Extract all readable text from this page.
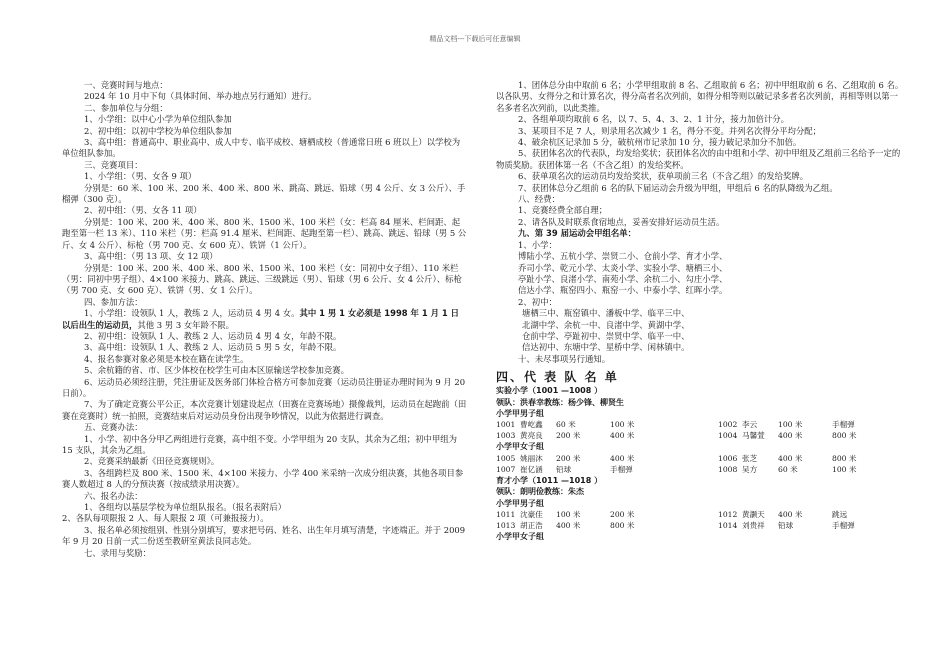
精品文档---下载后可任意编辑
一、竞赛时间与地点：
2024 年 10 月中下旬（具体时间、举办地点另行通知）进行。
二、参加单位与分组：
1、小学组：以中心小学为单位组队参加
2、初中组：以初中学校为单位组队参加
3、高中组：普通高中、职业高中、成人中专、临平成校、塘栖成校（普通常日班 6 班以上）以学校为单位组队参加。
三、竞赛项目：
1、小学组：（男、女各 9 项）
分别是：60 米、100 米、200 米、400 米、800 米、跳高、跳远、铅球（男 4 公斤、女 3 公斤）、手榴弹（300 克）。
2、初中组：（男、女各 11 项）
分别是：100 米、200 米、400 米、800 米、1500 米、100 米栏（女：栏高 84 厘米、栏间距、起跑至第一栏 13 米）、110 米栏（男：栏高 91.4 厘米、栏间距、起跑至第一栏）、跳高、跳远、铅球（男 5 公斤、女 4 公斤）、标枪（男 700 克、女 600 克）、铁饼（1 公斤）。
3、高中组：（男 13 项、女 12 项）
分别是：100 米、200 米、400 米、800 米、1500 米、100 米栏（女：同初中女子组）、110 米栏（男：同初中男子组）、4×100 米接力、跳高、跳远、三级跳远（男）、铅球（男 6 公斤、女 4 公斤）、标枪（男 700 克、女 600 克）、铁饼（男、女 1 公斤）。
四、参加方法：
1、小学组：设领队 1 人，教练 2 人，运动员 4 男 4 女。其中 1 男 1 女必须是 1998 年 1 月 1 日以后出生的运动员，其他 3 男 3 女年龄不限。
2、初中组：设领队 1 人、教练 2 人、运动员 4 男 4 女，年龄不限。
3、高中组：设领队 1 人、教练 2 人、运动员 5 男 5 女，年龄不限。
4、报名参赛对象必须是本校在籍在读学生。
5、余杭籍的省、市、区少体校在校学生可由本区原输送学校参加竞赛。
6、运动员必须经注册，凭注册证及医务部门体检合格方可参加竞赛（运动员注册证办理时间为 9 月 20 日前）。
7、为了确定竞赛公平公正，本次竞赛计划建设起点（田赛在竞赛场地）摄像裁判，运动员在起跑前（田赛在竞赛时）统一拍照，竞赛结束后对运动员身份出现争吵情况，以此为依据进行调查。
五、竞赛办法：
1、小学、初中各分甲乙两组进行竞赛，高中组不变。小学甲组为 20 支队，其余为乙组；初中甲组为 15 支队，其余为乙组。
2、竞赛采纳最新《田径竞赛规则》。
3、各组跨栏及 800 米、1500 米、4×100 米接力、小学 400 米采纳一次成分组决赛，其他各项目参赛人数超过 8 人的分预决赛（按成绩录用决赛）。
六、报名办法：
1、各组均以基层学校为单位组队报名。（报名表附后）
2、各队每项限报 2 人、每人限报 2 项（可兼报接力）。
3、报名单必须按组别、性别分别填写，要求把号码、姓名、出生年月填写清楚，字迹端正。并于 2009 年 9 月 20 日前一式二份送至教研室黄法良同志处。
七、录用与奖励：
1、团体总分由中取前 6 名；小学甲组取前 8 名、乙组取前 6 名；初中甲组取前 6 名、乙组取前 6 名。以各队男、女得分之和计算名次，得分高者名次列前，如得分相等则以破记录多者名次列前，再相等则以第一名多者名次列前，以此类推。
2、各组单项均取前 6 名，以 7、5、4、3、2、1 计分，接力加倍计分。
3、某项目不足 7 人，则录用名次减少 1 名，得分不变。并列名次得分平均分配；
4、破余杭区记录加 5 分，破杭州市记录加 10 分，接力破记录加分不加倍。
5、获团体名次的代表队，均发给奖状；获团体名次的由中组和小学、初中甲组及乙组前三名给予一定的物质奖励。获团体第一名（不含乙组）的发给奖杯。
6、获单项名次的运动员均发给奖状，获单项前三名（不含乙组）的发给奖牌。
7、获团体总分乙组前 6 名的队下届运动会升级为甲组，甲组后 6 名的队降级为乙组。
八、经费：
1、竞赛经费全部自理；
2、请各队及时联系食宿地点，妥善安排好运动员生活。
九、第 39 届运动会甲组名单：
1、小学：
博陆小学、五杭小学、崇贤二小、仓前小学、育才小学、
乔司小学、乾元小学、太炎小学、实验小学、塘栖三小、
亭趾小学、良渚小学、南苑小学、余杭二小、勾庄小学、
信达小学、瓶窑四小、瓶窑一小、中泰小学、红晖小学。
2、初中：
塘栖三中、瓶窑镇中、潘板中学、临平三中、
北湖中学、余杭一中、良渚中学、黄湖中学、
仓前中学、亭趾初中、崇贤中学、临平一中、
信达初中、东塘中学、星桥中学、闲林镇中。
十、未尽事项另行通知。
四、代 表 队 名 单
实验小学（1001 —1008 ）
领队：洪春幸教练：杨少锋、柳贤生
小学甲男子组
1001	曹屹鑫	60 米	100 米	1002	李云	100 米	手榴弹
1003	黄亮良	200 米	400 米	1004	马馨萱	400 米	800 米
小学甲女子组
1005	姚丽沐	200 米	400 米	1006	张芝	400 米	800 米
1007	崔亿涵	铅球	手榴弹	1008	吴方	60 米	100 米
育才小学（1011 —1018 ）
领队：朗明俭教练：朱杰
小学甲男子组
1011	沈豪佳	100 米	200 米	1012	黄灏天	400 米	跳远
1013	胡正浩	400 米	800 米	1014	刘贵祥	铅球	手榴弹
小学甲女子组
